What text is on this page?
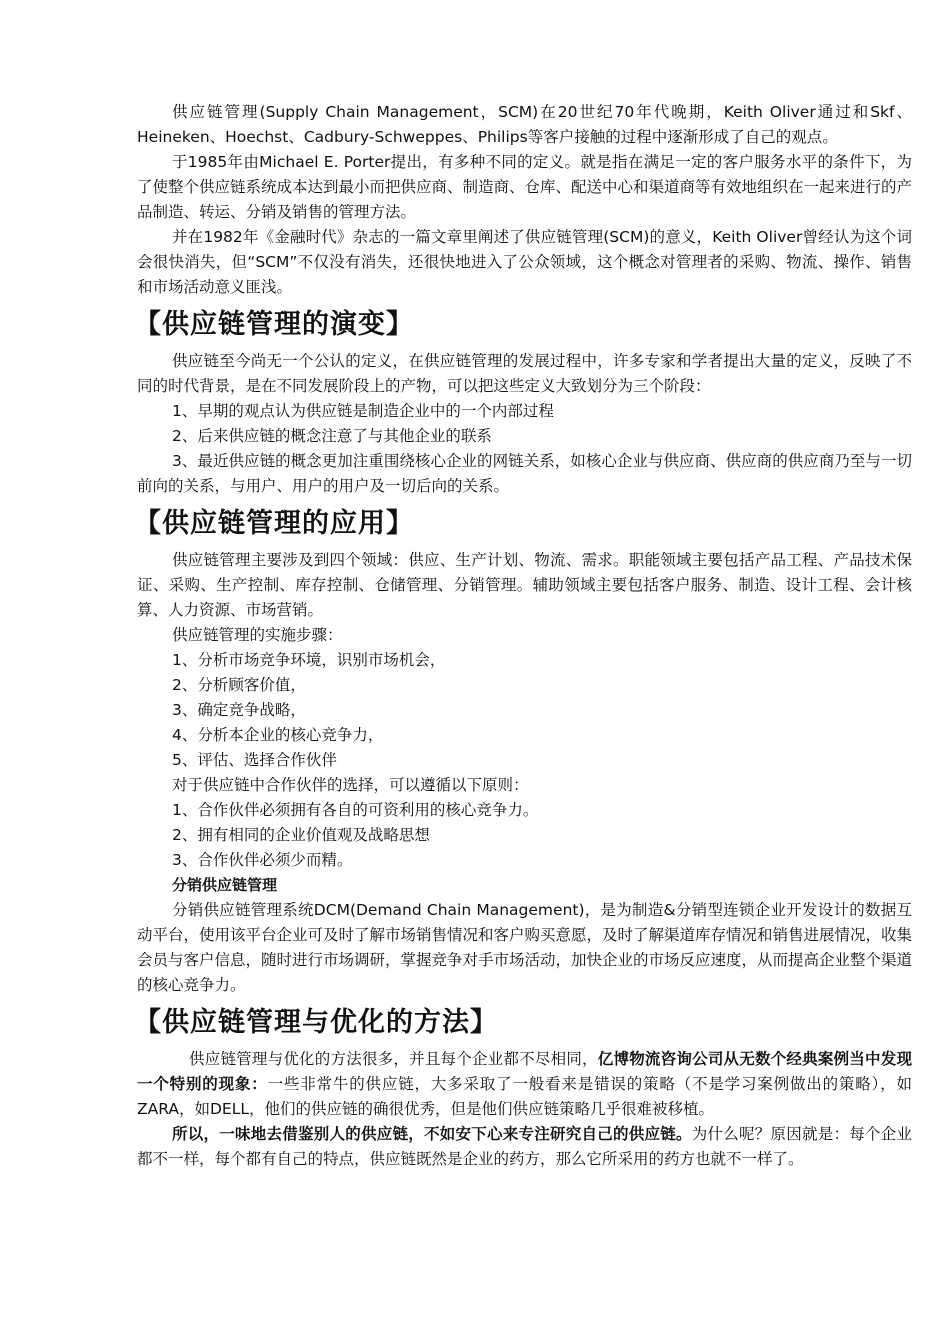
供应链管理(Supply Chain Management，SCM)在20世纪70年代晚期，Keith Oliver通过和Skf、Heineken、Hoechst、Cadbury-Schweppes、Philips等客户接触的过程中逐渐形成了自己的观点。

于1985年由Michael E. Porter提出，有多种不同的定义。就是指在满足一定的客户服务水平的条件下，为了使整个供应链系统成本达到最小而把供应商、制造商、仓库、配送中心和渠道商等有效地组织在一起来进行的产品制造、转运、分销及销售的管理方法。

并在1982年《金融时代》杂志的一篇文章里阐述了供应链管理(SCM)的意义，Keith Oliver曾经认为这个词会很快消失，但“SCM”不仅没有消失，还很快地进入了公众领域，这个概念对管理者的采购、物流、操作、销售和市场活动意义匪浅。

【供应链管理的演变】

供应链至今尚无一个公认的定义，在供应链管理的发展过程中，许多专家和学者提出大量的定义，反映了不同的时代背景，是在不同发展阶段上的产物，可以把这些定义大致划分为三个阶段：

1、早期的观点认为供应链是制造企业中的一个内部过程

2、后来供应链的概念注意了与其他企业的联系

3、最近供应链的概念更加注重围绕核心企业的网链关系，如核心企业与供应商、供应商的供应商乃至与一切前向的关系，与用户、用户的用户及一切后向的关系。

【供应链管理的应用】

供应链管理主要涉及到四个领域：供应、生产计划、物流、需求。职能领域主要包括产品工程、产品技术保证、采购、生产控制、库存控制、仓储管理、分销管理。辅助领域主要包括客户服务、制造、设计工程、会计核算、人力资源、市场营销。

供应链管理的实施步骤：

1、分析市场竞争环境，识别市场机会，

2、分析顾客价值，

3、确定竞争战略，

4、分析本企业的核心竞争力，

5、评估、选择合作伙伴

对于供应链中合作伙伴的选择，可以遵循以下原则：

1、合作伙伴必须拥有各自的可资利用的核心竞争力。

2、拥有相同的企业价值观及战略思想

3、合作伙伴必须少而精。

分销供应链管理

分销供应链管理系统DCM(Demand Chain Management)，是为制造&分销型连锁企业开发设计的数据互动平台，使用该平台企业可及时了解市场销售情况和客户购买意愿，及时了解渠道库存情况和销售进展情况，收集会员与客户信息，随时进行市场调研，掌握竞争对手市场活动，加快企业的市场反应速度，从而提高企业整个渠道的核心竞争力。

【供应链管理与优化的方法】

供应链管理与优化的方法很多，并且每个企业都不尽相同，亿博物流咨询公司从无数个经典案例当中发现一个特别的现象：一些非常牛的供应链，大多采取了一般看来是错误的策略（不是学习案例做出的策略），如ZARA，如DELL，他们的供应链的确很优秀，但是他们供应链策略几乎很难被移植。

所以，一味地去借鉴别人的供应链，不如安下心来专注研究自己的供应链。为什么呢？原因就是：每个企业都不一样，每个都有自己的特点，供应链既然是企业的药方，那么它所采用的药方也就不一样了。
